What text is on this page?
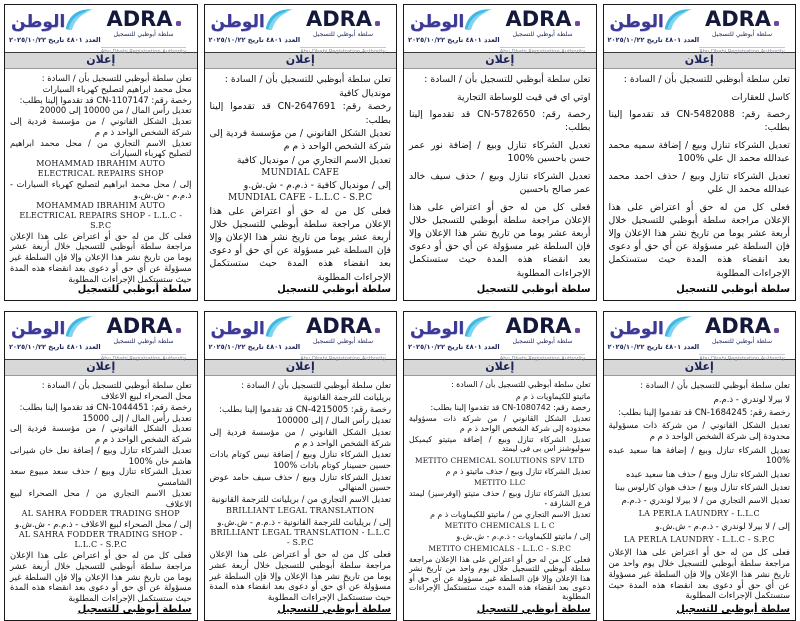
الوطن
العدد ٤٨٠١ تاريخ ٢٠٢٥/١٠/٢٢
ADRA
سلطة أبوظبي للتسجيل
Abu Dhabi Registration Authority
إعلان

تعلن سلطة أبوظبي للتسجيل بأن / السادة :

محل محمد ابراهيم لتصليح كهرباء السيارات

رخصة رقم: CN-1107147 قد تقدموا إلينا بطلب:

تعديل رأس المال / من 10000 إلى 20000

تعديل الشكل القانوني / من مؤسسة فردية إلى شركة الشخص الواحد ذ م م

تعديل الاسم التجاري من / محل محمد ابراهيم لتصليح كهرباء السيارات

MOHAMMAD IBRAHIM AUTO

ELECTRICAL REPAIRS SHOP

إلى / محل محمد ابراهيم لتصليح كهرباء السيارات - ذ.م.م - ش.ش.و

MOHAMMAD IBRAHIM AUTO

ELECTRICAL REPAIRS SHOP - L.L.C - S.P.C

فعلى كل من له حق أو اعتراض على هذا الإعلان مراجعة سلطة أبوظبي للتسجيل خلال أربعة عشر يوما من تاريخ نشر هذا الإعلان وإلا فإن السلطة غير مسؤولة عن أي حق أو دعوى بعد انقضاء هذه المدة حيث ستستكمل الإجراءات المطلوبة

سلطة أبوظبي للتسجيل

الوطن
العدد ٤٨٠١ تاريخ ٢٠٢٥/١٠/٢٢
ADRA
سلطة أبوظبي للتسجيل
Abu Dhabi Registration Authority
إعلان

تعلن سلطة أبوظبي للتسجيل بأن / السادة :

مونديال كافية

رخصة رقم: CN-2647691 قد تقدموا إلينا بطلب:

تعديل الشكل القانوني / من مؤسسة فردية إلى شركة الشخص الواحد ذ م م

تعديل الاسم التجاري من / مونديال كافية

MUNDIAL CAFE

إلى / مونديال كافية - ذ.م.م - ش.ش.و

MUNDIAL CAFE - L.L.C - S.P.C

فعلى كل من له حق أو اعتراض على هذا الإعلان مراجعة سلطة أبوظبي للتسجيل خلال أربعة عشر يوما من تاريخ نشر هذا الإعلان وإلا فإن السلطة غير مسؤولة عن أي حق أو دعوى بعد انقضاء هذه المدة حيث ستستكمل الإجراءات المطلوبة

سلطة أبوظبي للتسجيل

الوطن
العدد ٤٨٠١ تاريخ ٢٠٢٥/١٠/٢٢
ADRA
سلطة أبوظبي للتسجيل
Abu Dhabi Registration Authority
إعلان

تعلن سلطة أبوظبي للتسجيل بأن / السادة :

اوتي اي في قيت للوساطة التجارية

رخصة رقم: CN-5782650 قد تقدموا إلينا بطلب:

تعديل الشركاء تنازل وبيع / إضافة نور عمر حسن باحسين %100

تعديل الشركاء تنازل وبيع / حذف سيف خالد عمر صالح باحسين

فعلى كل من له حق أو اعتراض على هذا الإعلان مراجعة سلطة أبوظبي للتسجيل خلال أربعة عشر يوما من تاريخ نشر هذا الإعلان وإلا فإن السلطة غير مسؤولة عن أي حق أو دعوى بعد انقضاء هذه المدة حيث ستستكمل الإجراءات المطلوبة

سلطة أبوظبي للتسجيل

الوطن
العدد ٤٨٠١ تاريخ ٢٠٢٥/١٠/٢٢
ADRA
سلطة أبوظبي للتسجيل
Abu Dhabi Registration Authority
إعلان

تعلن سلطة أبوظبي للتسجيل بأن / السادة :

كاسل للعقارات

رخصة رقم: CN-5482088 قد تقدموا إلينا بطلب:

تعديل الشركاء تنازل وبيع / إضافة سميه محمد عبدالله محمد ال علي %100

تعديل الشركاء تنازل وبيع / حذف احمد محمد عبدالله محمد ال علي

فعلى كل من له حق أو اعتراض على هذا الإعلان مراجعة سلطة أبوظبي للتسجيل خلال أربعة عشر يوما من تاريخ نشر هذا الإعلان وإلا فإن السلطة غير مسؤولة عن أي حق أو دعوى بعد انقضاء هذه المدة حيث ستستكمل الإجراءات المطلوبة

سلطة أبوظبي للتسجيل

الوطن
العدد ٤٨٠١ تاريخ ٢٠٢٥/١٠/٢٢
ADRA
سلطة أبوظبي للتسجيل
Abu Dhabi Registration Authority
إعلان

تعلن سلطة أبوظبي للتسجيل بأن / السادة :

محل الصحراء لبيع الاعلاف

رخصة رقم: CN-1044451 قد تقدموا إلينا بطلب:

تعديل رأس المال / إلى 15000

تعديل الشكل القانوني / من مؤسسة فردية إلى شركة الشخص الواحد ذ م م

تعديل الشركاء تنازل وبيع / إضافة نعل خان شيرانى هاشم خان %100

تعديل الشركاء تنازل وبيع / حذف سعد مبيوع سعد الشامسي

تعديل الاسم التجاري من / محل الصحراء لبيع الاعلاف

AL SAHRA FODDER TRADING SHOP

إلى / محل الصحراء لبيع الاعلاف - ذ.م.م - ش.ش.و

AL SAHRA FODDER TRADING SHOP - L.L.C - S.P.C

فعلى كل من له حق أو اعتراض على هذا الإعلان مراجعة سلطة أبوظبي للتسجيل خلال أربعة عشر يوما من تاريخ نشر هذا الإعلان وإلا فإن السلطة غير مسؤولة عن أي حق أو دعوى بعد انقضاء هذه المدة حيث ستستكمل الإجراءات المطلوبة

سلطة أبوظبي للتسجيل

الوطن
العدد ٤٨٠١ تاريخ ٢٠٢٥/١٠/٢٢
ADRA
سلطة أبوظبي للتسجيل
Abu Dhabi Registration Authority
إعلان

تعلن سلطة أبوظبي للتسجيل بأن / السادة :

بريليانت للترجمة القانونية

رخصة رقم: CN-4215005 قد تقدموا إلينا بطلب:

تعديل رأس المال / إلى 100000

تعديل الشكل القانوني / من مؤسسة فردية إلى شركة الشخص الواحد ذ م م

تعديل الشركاء تنازل وبيع / إضافة نيس كوتام بادات حسين حسينار كوتام بادات %100

تعديل الشركاء تنازل وبيع / حذف سيف حامد عوض حسين المنهالي

تعديل الاسم التجاري من / بريليانت للترجمة القانونية

BRILLIANT LEGAL TRANSLATION

إلى / بريليانت للترجمة القانونية - ذ.م.م - ش.ش.و

BRILLIANT LEGAL TRANSLATION - L.L.C - S.P.C

فعلى كل من له حق أو اعتراض على هذا الإعلان مراجعة سلطة أبوظبي للتسجيل خلال أربعة عشر يوما من تاريخ نشر هذا الإعلان وإلا فإن السلطة غير مسؤولة عن أي حق أو دعوى بعد انقضاء هذه المدة حيث ستستكمل الإجراءات المطلوبة

سلطة أبوظبي للتسجيل

الوطن
العدد ٤٨٠١ تاريخ ٢٠٢٥/١٠/٢٢
ADRA
سلطة أبوظبي للتسجيل
Abu Dhabi Registration Authority
إعلان

تعلن سلطة أبوظبي للتسجيل بأن / السادة :

ماتيتو للكيماويات ذ م م

رخصة رقم: CN-1080742 قد تقدموا إلينا بطلب:

تعديل الشكل القانوني / من شركة ذات مسؤولية محدودة إلى شركة الشخص الواحد ذ م م

تعديل الشركاء تنازل وبيع / إضافة ميتيتو كيميكل سوليوشنز اس بى فى ليمتد

METITO CHEMICAL SOLUTIONS SPV LTD

تعديل الشركاء تنازل وبيع / حذف ماتيتو ذ م م

METITO LLC

تعديل الشركاء تنازل وبيع / حذف متيتو (اوفرسيز) ليمتد فرع الشارقة -

تعديل الاسم التجاري من / ماتيتو للكيماويات ذ م م

METITO CHEMICALS L L C

إلى / ماتيتو للكيماويات - ذ.م.م - ش.ش.و

METITO CHEMICALS - L.L.C - S.P.C

فعلى كل من له حق أو اعتراض على هذا الإعلان مراجعة سلطة أبوظبي للتسجيل خلال يوم واحد من تاريخ نشر هذا الإعلان وإلا فإن السلطة غير مسؤولة عن أي حق أو دعوى بعد انقضاء هذه المدة حيث ستستكمل الإجراءات المطلوبة

سلطة أبوظبي للتسجيل

الوطن
العدد ٤٨٠١ تاريخ ٢٠٢٥/١٠/٢٢
ADRA
سلطة أبوظبي للتسجيل
Abu Dhabi Registration Authority
إعلان

تعلن سلطة أبوظبي للتسجيل بأن / السادة :

لا بيرلا لوندري - ذ.م.م

رخصة رقم: CN-1684245 قد تقدموا إلينا بطلب:

تعديل الشكل القانوني / من شركة ذات مسؤولية محدودة إلى شركة الشخص الواحد ذ م م

تعديل الشركاء تنازل وبيع / إضافة هنا سعيد عبده %100

تعديل الشركاء تنازل وبيع / حذف هنا سعيد عبده

تعديل الشركاء تنازل وبيع / حذف هوان كارلوس بينا

تعديل الاسم التجاري من / لا بيرلا لوندري - ذ.م.م

LA PERLA LAUNDRY - L.L.C

إلى / لا بيرلا لوندري - ذ.م.م - ش.ش.و

LA PERLA LAUNDRY - L.L.C - S.P.C

فعلى كل من له حق أو اعتراض على هذا الإعلان مراجعة سلطة أبوظبي للتسجيل خلال يوم واحد من تاريخ نشر هذا الإعلان وإلا فإن السلطة غير مسؤولة عن أي حق أو دعوى بعد انقضاء هذه المدة حيث ستستكمل الإجراءات المطلوبة

سلطة أبوظبي للتسجيل
